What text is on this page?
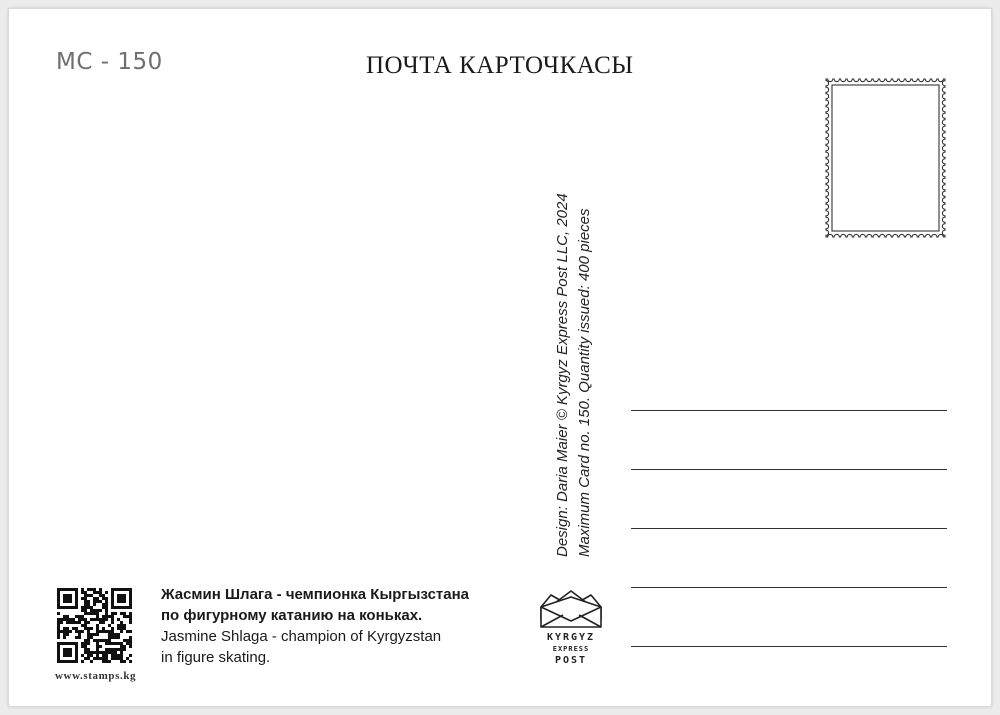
MC - 150	ПОЧТА КАРТОЧКАСЫ
Design: Daria Maier © Kyrgyz Express Post LLC, 2024 Maximum Card no. 150. Quantity issued: 400 pieces
www.stamps.kg
Жасмин Шлага - чемпионка Кыргызстана
по фигурному катанию на коньках.
Jasmine Shlaga - champion of Kyrgyzstan
in figure skating.
KYRGYZ
EXPRESS
POST
